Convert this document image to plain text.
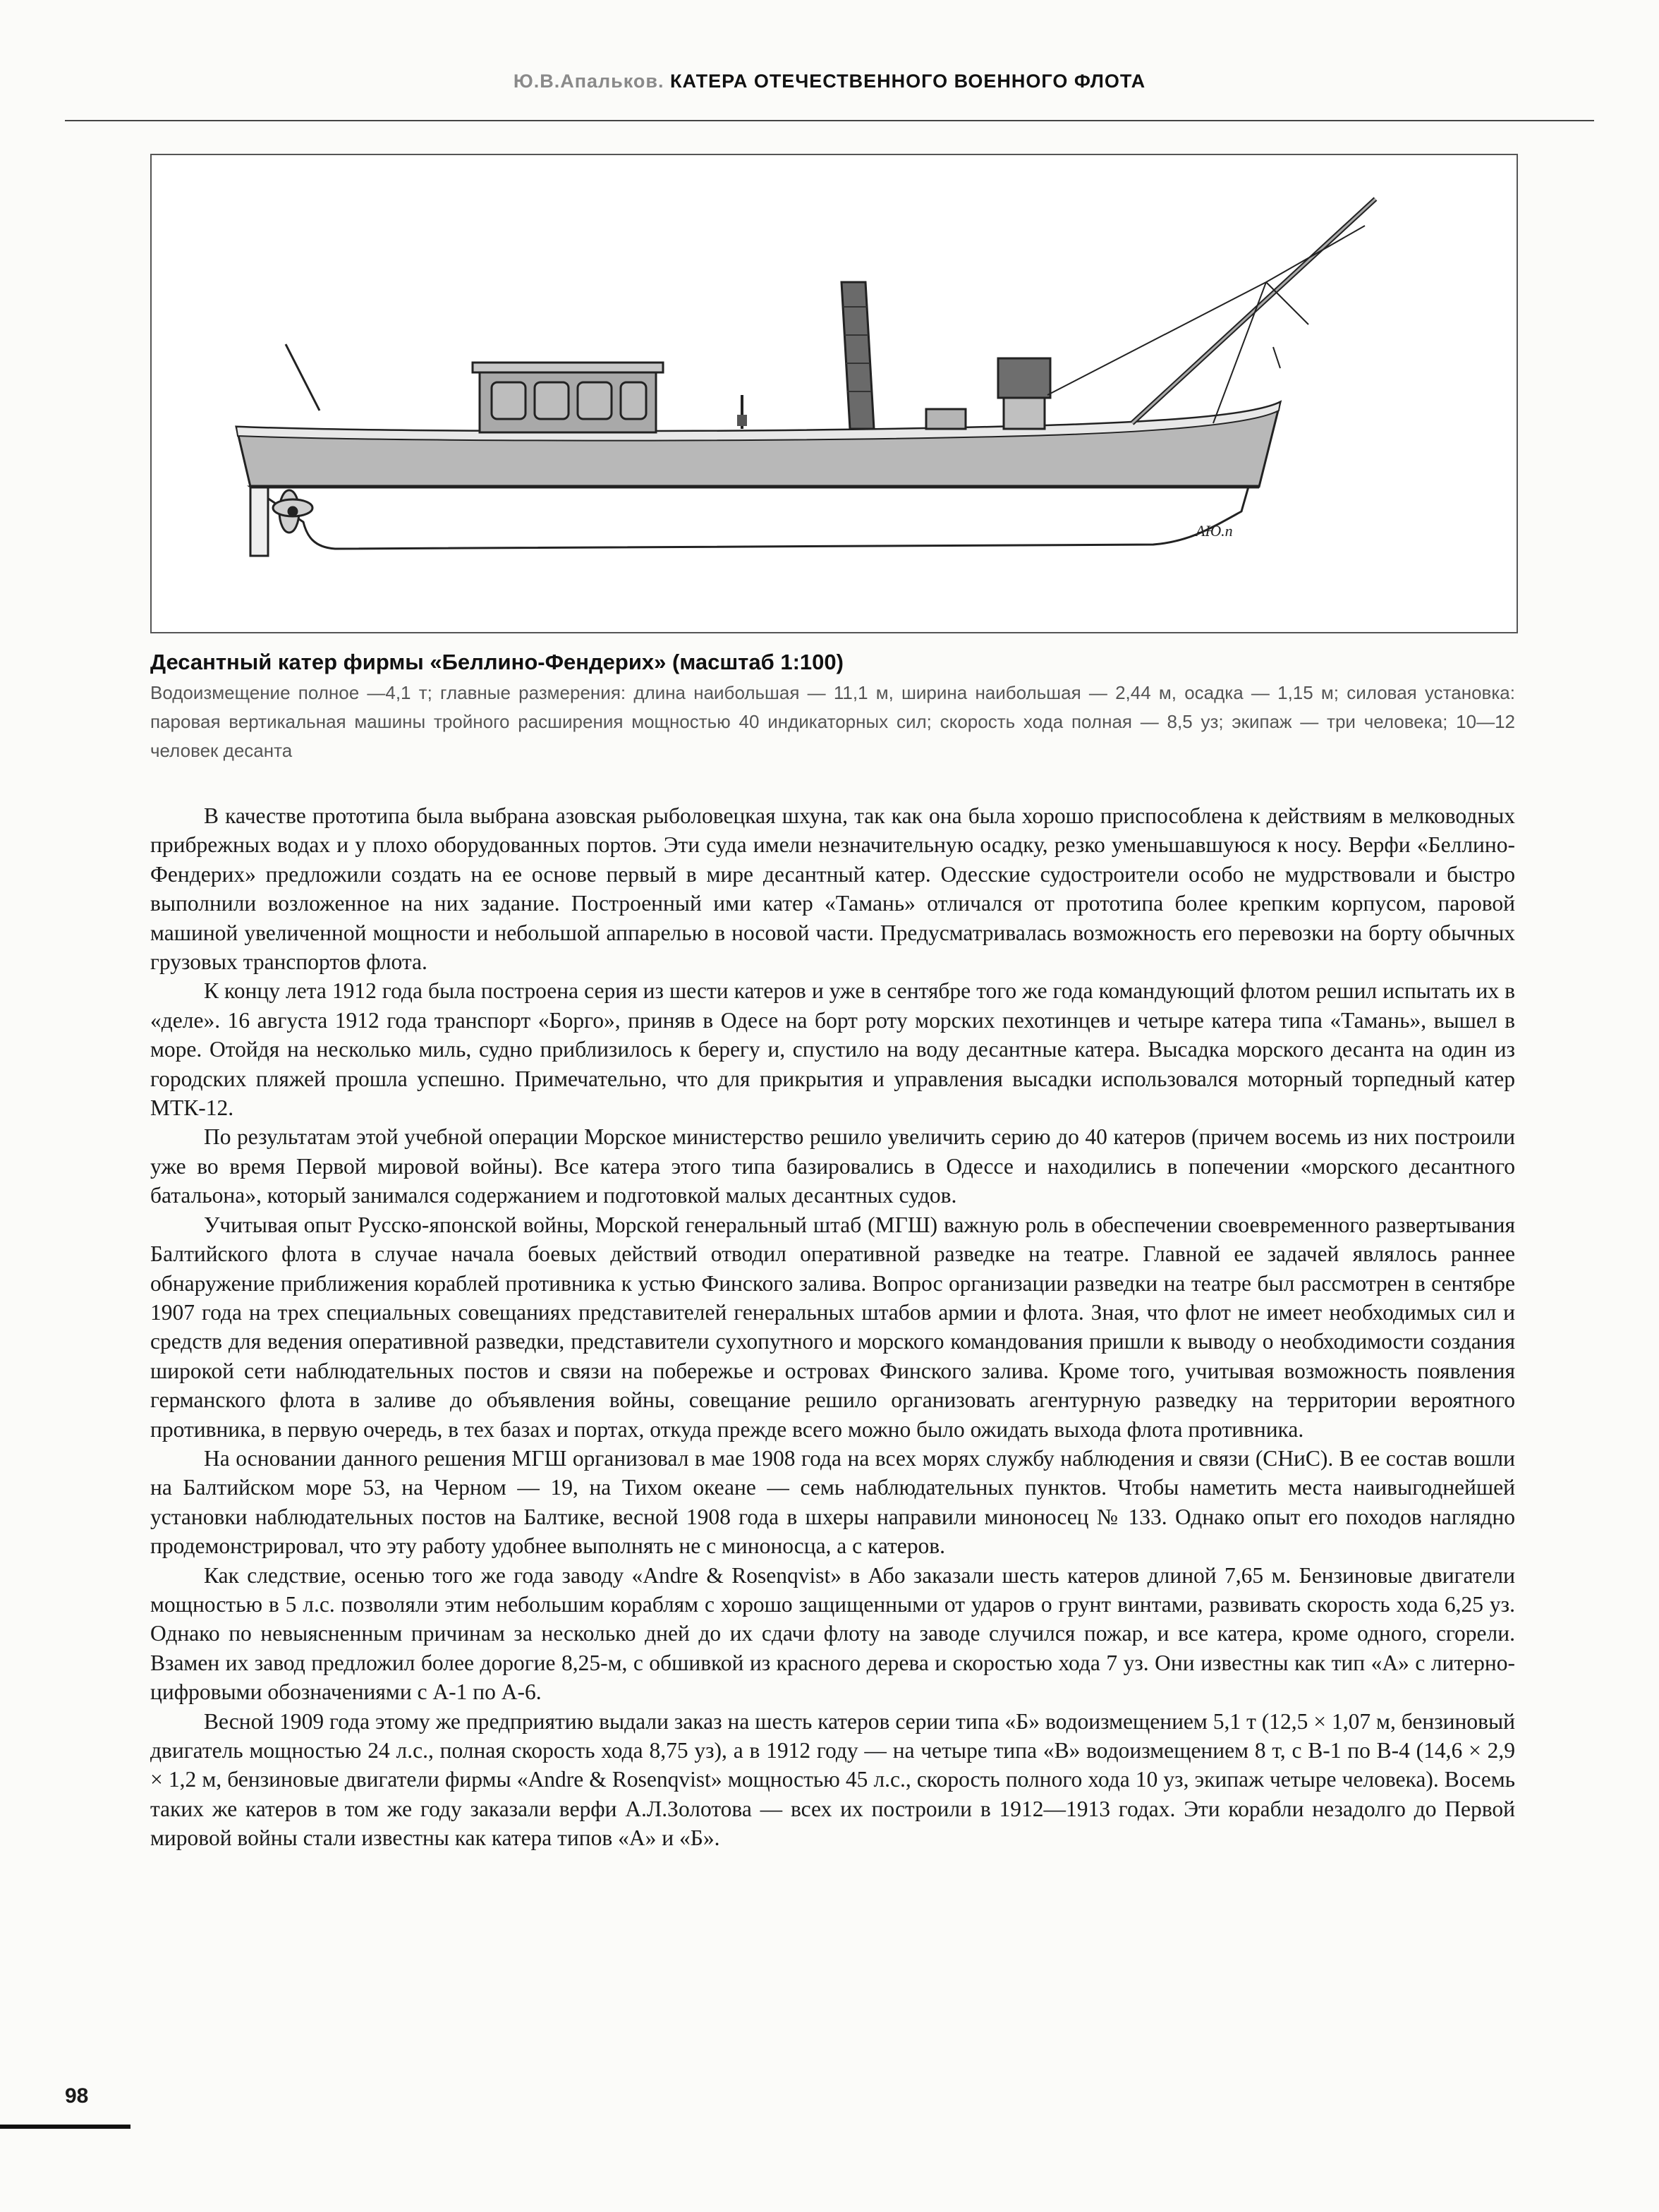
Ю.В.Апальков. КАТЕРА ОТЕЧЕСТВЕННОГО ВОЕННОГО ФЛОТА
АЮ.п
Десантный катер фирмы «Беллино-Фендерих» (масштаб 1:100)
Водоизмещение полное —4,1 т; главные размерения: длина наибольшая — 11,1 м, ширина наибольшая — 2,44 м, осадка — 1,15 м; силовая установка: паровая вертикальная машины тройного расширения мощностью 40 индикаторных сил; скорость хода полная — 8,5 уз; экипаж — три человека; 10—12 человек десанта

В качестве прототипа была выбрана азовская рыболовецкая шхуна, так как она была хорошо приспособлена к действиям в мелководных прибрежных водах и у плохо оборудованных портов. Эти суда имели незначительную осадку, резко уменьшавшуюся к носу. Верфи «Беллино-Фендерих» предложили создать на ее основе первый в мире десантный катер. Одесские судостроители особо не мудрствовали и быстро выполнили возложенное на них задание. Построенный ими катер «Тамань» отличался от прототипа более крепким корпусом, паровой машиной увеличенной мощности и небольшой аппарелью в носовой части. Предусматривалась возможность его перевозки на борту обычных грузовых транспортов флота.

К концу лета 1912 года была построена серия из шести катеров и уже в сентябре того же года командующий флотом решил испытать их в «деле». 16 августа 1912 года транспорт «Борго», приняв в Одесе на борт роту морских пехотинцев и четыре катера типа «Тамань», вышел в море. Отойдя на несколько миль, судно приблизилось к берегу и, спустило на воду десантные катера. Высадка морского десанта на один из городских пляжей прошла успешно. Примечательно, что для прикрытия и управления высадки использовался моторный торпедный катер МТК-12.

По результатам этой учебной операции Морское министерство решило увеличить серию до 40 катеров (причем восемь из них построили уже во время Первой мировой войны). Все катера этого типа базировались в Одессе и находились в попечении «морского десантного батальона», который занимался содержанием и подготовкой малых десантных судов.

Учитывая опыт Русско-японской войны, Морской генеральный штаб (МГШ) важную роль в обеспечении своевременного развертывания Балтийского флота в случае начала боевых действий отводил оперативной разведке на театре. Главной ее задачей являлось раннее обнаружение приближения кораблей противника к устью Финского залива. Вопрос организации разведки на театре был рассмотрен в сентябре 1907 года на трех специальных совещаниях представителей генеральных штабов армии и флота. Зная, что флот не имеет необходимых сил и средств для ведения оперативной разведки, представители сухопутного и морского командования пришли к выводу о необходимости создания широкой сети наблюдательных постов и связи на побережье и островах Финского залива. Кроме того, учитывая возможность появления германского флота в заливе до объявления войны, совещание решило организовать агентурную разведку на территории вероятного противника, в первую очередь, в тех базах и портах, откуда прежде всего можно было ожидать выхода флота противника.

На основании данного решения МГШ организовал в мае 1908 года на всех морях службу наблюдения и связи (СНиС). В ее состав вошли на Балтийском море 53, на Черном — 19, на Тихом океане — семь наблюдательных пунктов. Чтобы наметить места наивыгоднейшей установки наблюдательных постов на Балтике, весной 1908 года в шхеры направили миноносец № 133. Однако опыт его походов наглядно продемонстрировал, что эту работу удобнее выполнять не с миноносца, а с катеров.

Как следствие, осенью того же года заводу «Andre & Rosenqvist» в Або заказали шесть катеров длиной 7,65 м. Бензиновые двигатели мощностью в 5 л.с. позволяли этим небольшим кораблям с хорошо защищенными от ударов о грунт винтами, развивать скорость хода 6,25 уз. Однако по невыясненным причинам за несколько дней до их сдачи флоту на заводе случился пожар, и все катера, кроме одного, сгорели. Взамен их завод предложил более дорогие 8,25-м, с обшивкой из красного дерева и скоростью хода 7 уз. Они известны как тип «А» с литерно-цифровыми обозначениями с А-1 по А-6.

Весной 1909 года этому же предприятию выдали заказ на шесть катеров серии типа «Б» водоизмещением 5,1 т (12,5 × 1,07 м, бензиновый двигатель мощностью 24 л.с., полная скорость хода 8,75 уз), а в 1912 году — на четыре типа «В» водоизмещением 8 т, с В-1 по В-4 (14,6 × 2,9 × 1,2 м, бензиновые двигатели фирмы «Andre & Rosenqvist» мощностью 45 л.с., скорость полного хода 10 уз, экипаж четыре человека). Восемь таких же катеров в том же году заказали верфи А.Л.Золотова — всех их построили в 1912—1913 годах. Эти корабли незадолго до Первой мировой войны стали известны как катера типов «А» и «Б».

98
